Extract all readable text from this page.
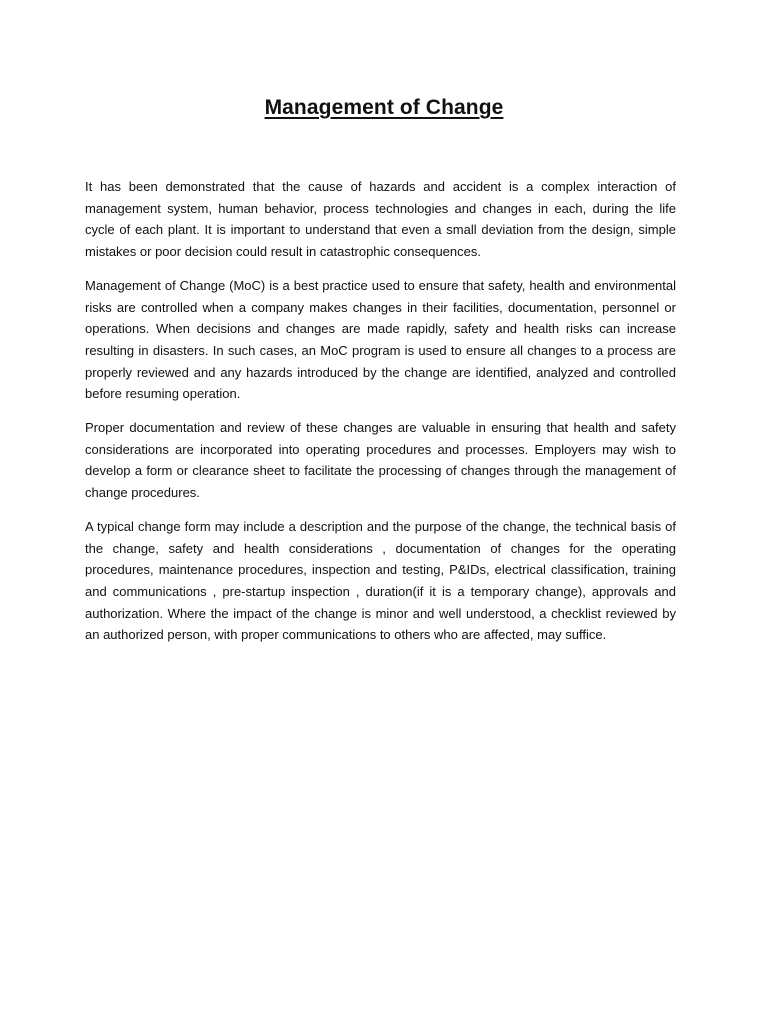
Management of Change

It has been demonstrated that the cause of hazards and accident is a complex interaction of management system, human behavior, process technologies and changes in each, during the life cycle of each plant. It is important to understand that even a small deviation from the design, simple mistakes or poor decision could result in catastrophic consequences.

Management of Change (MoC) is a best practice used to ensure that safety, health and environmental risks are controlled when a company makes changes in their facilities, documentation, personnel or operations. When decisions and changes are made rapidly, safety and health risks can increase resulting in disasters. In such cases, an MoC program is used to ensure all changes to a process are properly reviewed and any hazards introduced by the change are identified, analyzed and controlled before resuming operation.

Proper documentation and review of these changes are valuable in ensuring that health and safety considerations are incorporated into operating procedures and processes. Employers may wish to develop a form or clearance sheet to facilitate the processing of changes through the management of change procedures.

A typical change form may include a description and the purpose of the change, the technical basis of the change, safety and health considerations , documentation of changes for the operating procedures, maintenance procedures, inspection and testing, P&IDs, electrical classification, training and communications , pre-startup inspection , duration(if it is a temporary change), approvals and authorization. Where the impact of the change is minor and well understood, a checklist reviewed by an authorized person, with proper communications to others who are affected, may suffice.
